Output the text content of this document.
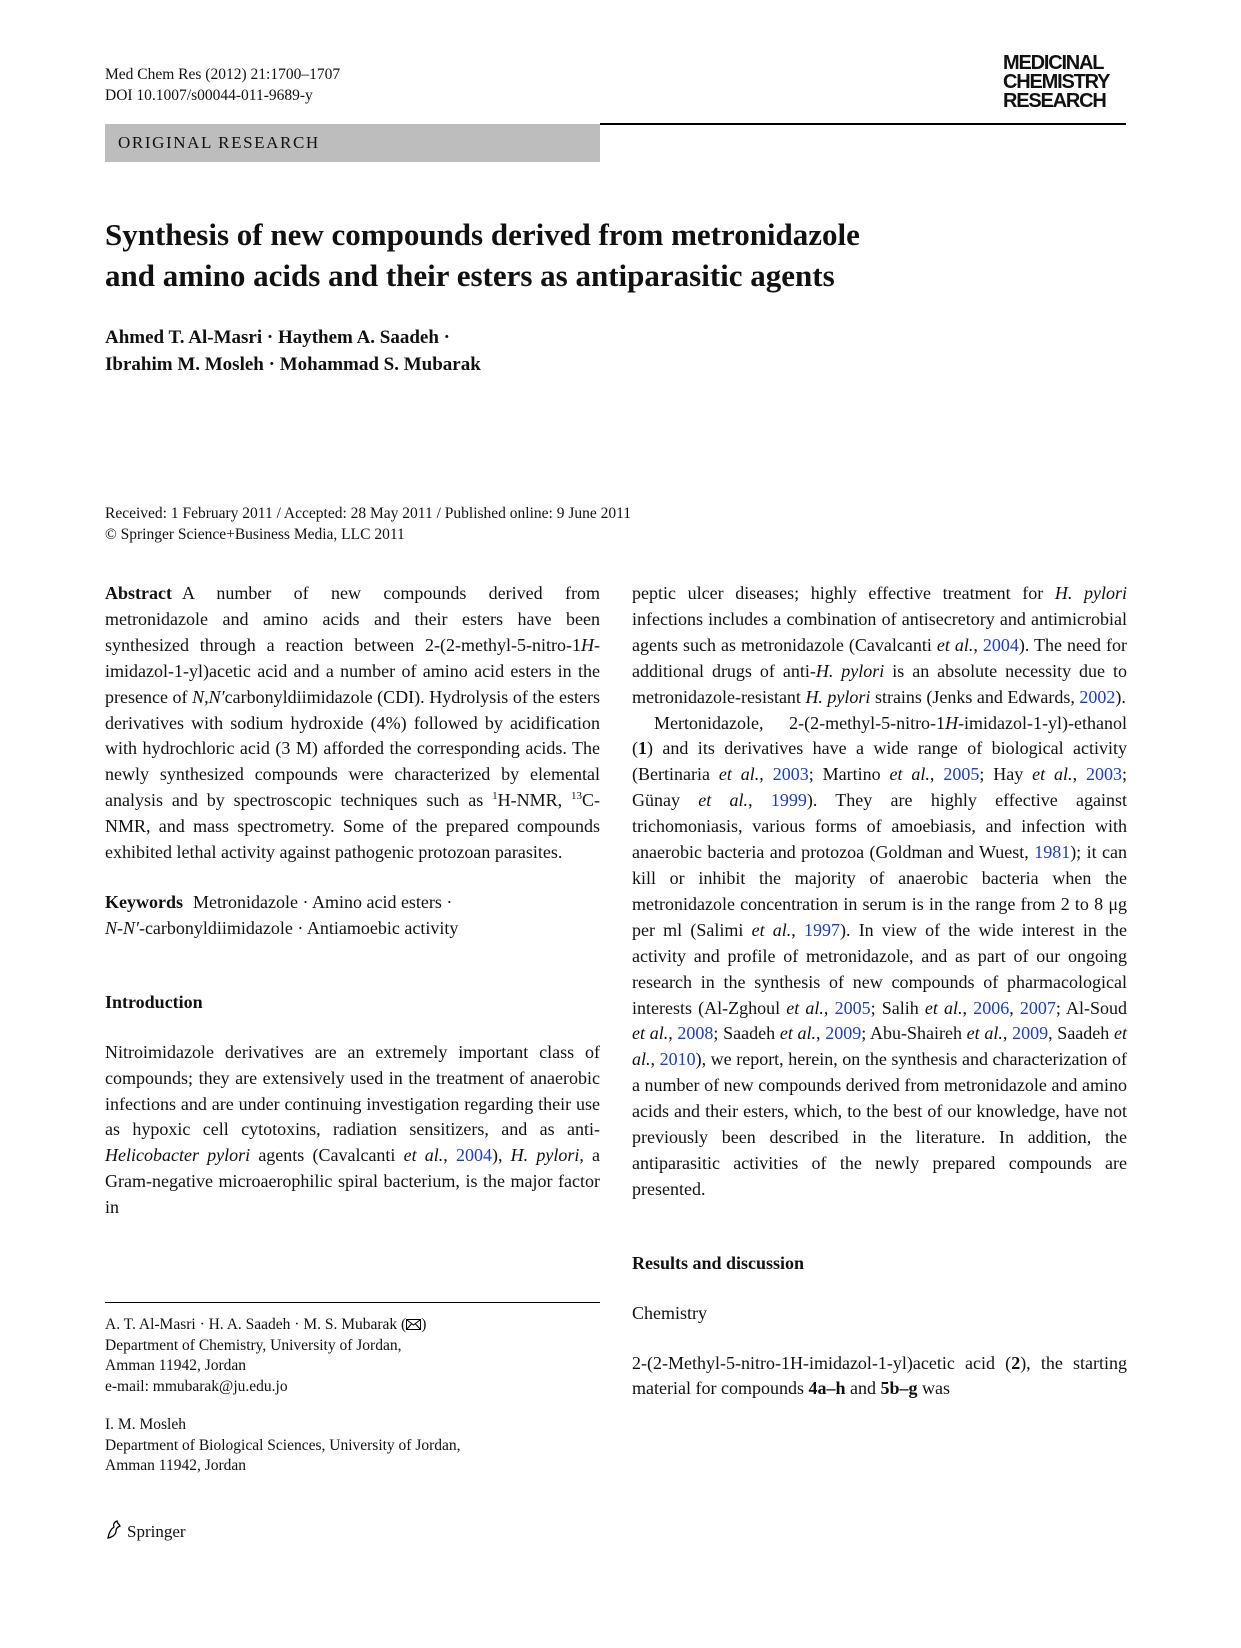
Med Chem Res (2012) 21:1700–1707
DOI 10.1007/s00044-011-9689-y
MEDICINAL
CHEMISTRY
RESEARCH
ORIGINAL RESEARCH
Synthesis of new compounds derived from metronidazole
and amino acids and their esters as antiparasitic agents
Ahmed T. Al-Masri · Haythem A. Saadeh ·
Ibrahim M. Mosleh · Mohammad S. Mubarak
Received: 1 February 2011 / Accepted: 28 May 2011 / Published online: 9 June 2011
© Springer Science+Business Media, LLC 2011

Abstract A number of new compounds derived from metronidazole and amino acids and their esters have been synthesized through a reaction between 2-(2-methyl-5-nitro-1H-imidazol-1-yl)acetic acid and a number of amino acid esters in the presence of N,N′carbonyldiimidazole (CDI). Hydrolysis of the esters derivatives with sodium hydroxide (4%) followed by acidification with hydrochloric acid (3 M) afforded the corresponding acids. The newly synthesized compounds were characterized by elemental analysis and by spectroscopic techniques such as $^1$H-NMR, $^{13}$C-NMR, and mass spectrometry. Some of the prepared compounds exhibited lethal activity against pathogenic protozoan parasites.

Keywords Metronidazole · Amino acid esters ·
N-N′-carbonyldiimidazole · Antiamoebic activity

Introduction

Nitroimidazole derivatives are an extremely important class of compounds; they are extensively used in the treatment of anaerobic infections and are under continuing investigation regarding their use as hypoxic cell cytotoxins, radiation sensitizers, and as anti-Helicobacter pylori agents (Cavalcanti et al., 2004), H. pylori, a Gram-negative microaerophilic spiral bacterium, is the major factor in

A. T. Al-Masri · H. A. Saadeh · M. S. Mubarak ( )
Department of Chemistry, University of Jordan,
Amman 11942, Jordan
e-mail: mmubarak@ju.edu.jo
I. M. Mosleh
Department of Biological Sciences, University of Jordan,
Amman 11942, Jordan

peptic ulcer diseases; highly effective treatment for H. pylori infections includes a combination of antisecretory and antimicrobial agents such as metronidazole (Cavalcanti et al., 2004). The need for additional drugs of anti-H. pylori is an absolute necessity due to metronidazole-resistant H. pylori strains (Jenks and Edwards, 2002).

Mertonidazole, 2-(2-methyl-5-nitro-1H-imidazol-1-yl)-ethanol (1) and its derivatives have a wide range of biological activity (Bertinaria et al., 2003; Martino et al., 2005; Hay et al., 2003; Günay et al., 1999). They are highly effective against trichomoniasis, various forms of amoebiasis, and infection with anaerobic bacteria and protozoa (Goldman and Wuest, 1981); it can kill or inhibit the majority of anaerobic bacteria when the metronidazole concentration in serum is in the range from 2 to 8 μg per ml (Salimi et al., 1997). In view of the wide interest in the activity and profile of metronidazole, and as part of our ongoing research in the synthesis of new compounds of pharmacological interests (Al-Zghoul et al., 2005; Salih et al., 2006, 2007; Al-Soud et al., 2008; Saadeh et al., 2009; Abu-Shaireh et al., 2009, Saadeh et al., 2010), we report, herein, on the synthesis and characterization of a number of new compounds derived from metronidazole and amino acids and their esters, which, to the best of our knowledge, have not previously been described in the literature. In addition, the antiparasitic activities of the newly prepared compounds are presented.

Results and discussion

Chemistry

2-(2-Methyl-5-nitro-1H-imidazol-1-yl)acetic acid (2), the starting material for compounds 4a–h and 5b–g was

Springer
